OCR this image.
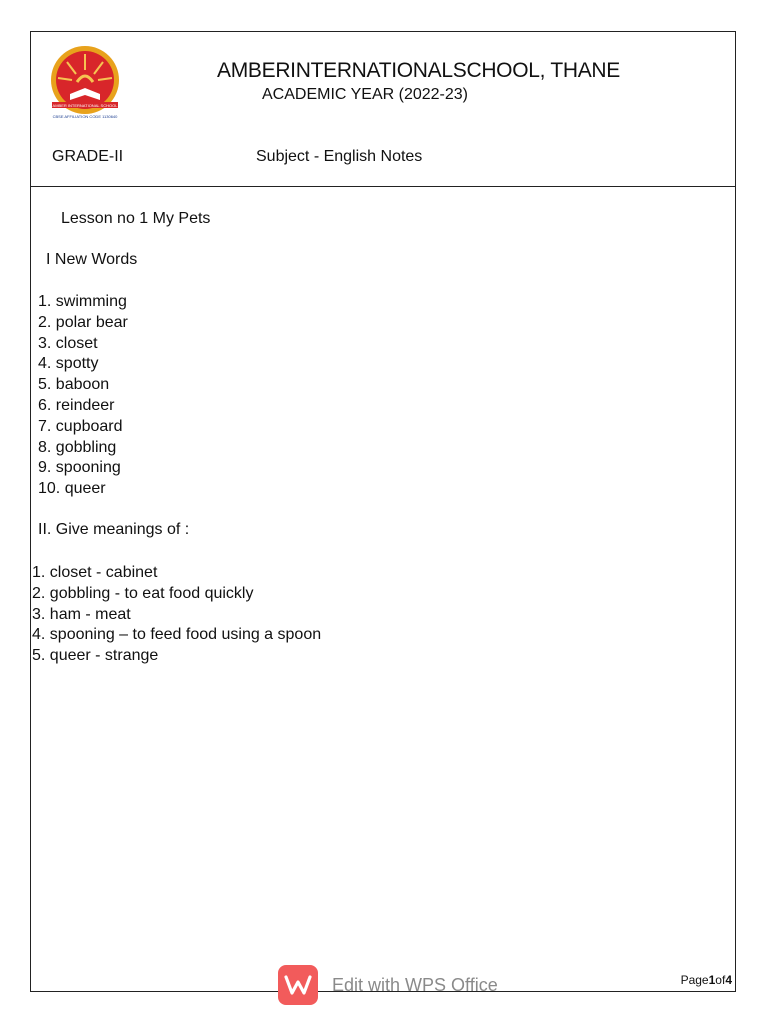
AMBER INTERNATIONAL SCHOOL
CBSE AFFILIATION CODE 1130640
AMBERINTERNATIONALSCHOOL, THANE
ACADEMIC YEAR (2022-23)
GRADE-II	Subject - English Notes
Lesson no 1 My Pets
I New Words
1. swimming
2. polar bear
3. closet
4. spotty
5. baboon
6. reindeer
7. cupboard
8. gobbling
9. spooning
10. queer
II. Give meanings of :
1. closet - cabinet
2. gobbling - to eat food quickly
3. ham - meat
4. spooning – to feed food using a spoon
5. queer - strange
Page1of4
Edit with WPS Office
